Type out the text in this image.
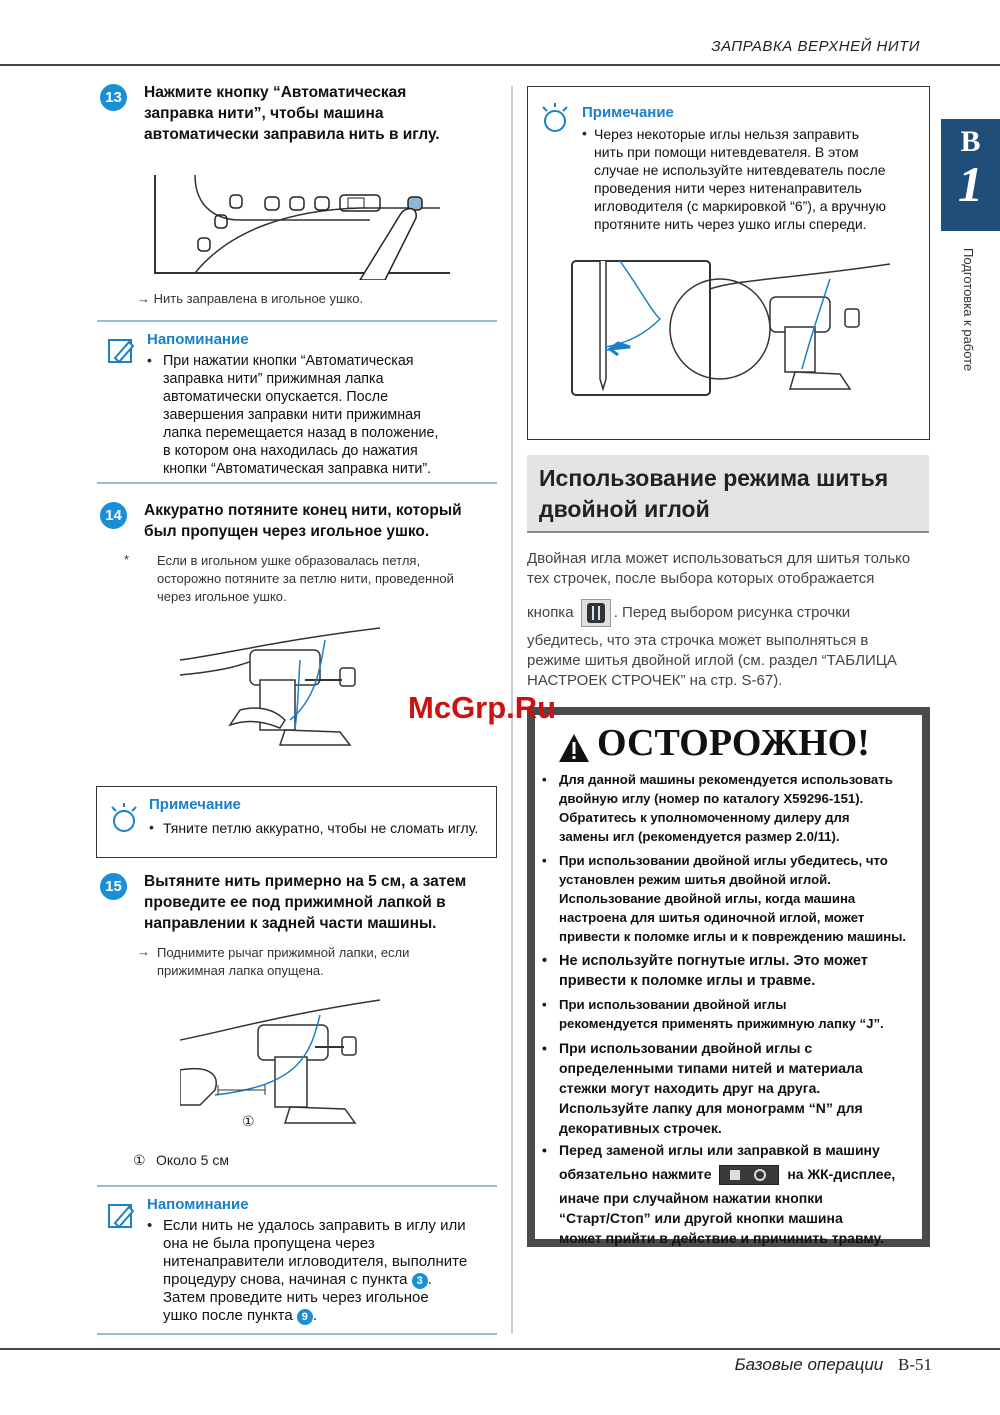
ЗАПРАВКА ВЕРХНЕЙ НИТИ
B
1
Подготовка к работе
13	Нажмите кнопку “Автоматическая
заправка нити”, чтобы машина
автоматически заправила нить в иглу.
→ Нить заправлена в игольное ушко.
Напоминание
• При нажатии кнопки “Автоматическая
заправка нити” прижимная лапка
автоматически опускается. После
завершения заправки нити прижимная
лапка перемещается назад в положение,
в котором она находилась до нажатия
кнопки “Автоматическая заправка нити”.
14	Аккуратно потяните конец нити, который
был пропущен через игольное ушко.
* Если в игольном ушке образовалась петля,
осторожно потяните за петлю нити, проведенной
через игольное ушко.
Примечание
• Тяните петлю аккуратно, чтобы не сломать иглу.
15	Вытяните нить примерно на 5 см, а затем
проведите ее под прижимной лапкой в
направлении к задней части машины.
→ Поднимите рычаг прижимной лапки, если
прижимная лапка опущена.
①
① Около 5 см
Напоминание
• Если нить не удалось заправить в иглу или
она не была пропущена через
нитенаправители игловодителя, выполните
процедуру снова, начиная с пункта 3 .
Затем проведите нить через игольное
ушко после пункта 9 .
Примечание
• Через некоторые иглы нельзя заправить
нить при помощи нитевдевателя. В этом
случае не используйте нитевдеватель после
проведения нити через нитенаправитель
игловодителя (с маркировкой “6”), а вручную
протяните нить через ушко иглы спереди.
Использование режима шитья
двойной иглой
Двойная игла может использоваться для шитья только
тех строчек, после выбора которых отображается
кнопка	. Перед выбором рисунка строчки
убедитесь, что эта строчка может выполняться в
режиме шитья двойной иглой (см. раздел “ТАБЛИЦА
НАСТРОЕК СТРОЧЕК” на стр. S-67).
ОСТОРОЖНО!
• Для данной машины рекомендуется использовать
двойную иглу (номер по каталогу X59296-151).
Обратитесь к уполномоченному дилеру для
замены игл (рекомендуется размер 2.0/11).
• При использовании двойной иглы убедитесь, что
установлен режим шитья двойной иглой.
Использование двойной иглы, когда машина
настроена для шитья одиночной иглой, может
привести к поломке иглы и к повреждению машины.
• Не используйте погнутые иглы. Это может
привести к поломке иглы и травме.
• При использовании двойной иглы
рекомендуется применять прижимную лапку “J”.
• При использовании двойной иглы с
определенными типами нитей и материала
стежки могут находить друг на друга.
Используйте лапку для монограмм “N” для
декоративных строчек.
• Перед заменой иглы или заправкой в машину
обязательно нажмите	на ЖК-дисплее,
иначе при случайном нажатии кнопки
“Старт/Стоп” или другой кнопки машина
может прийти в действие и причинить травму.
McGrp.Ru
Базовые операции B-51
